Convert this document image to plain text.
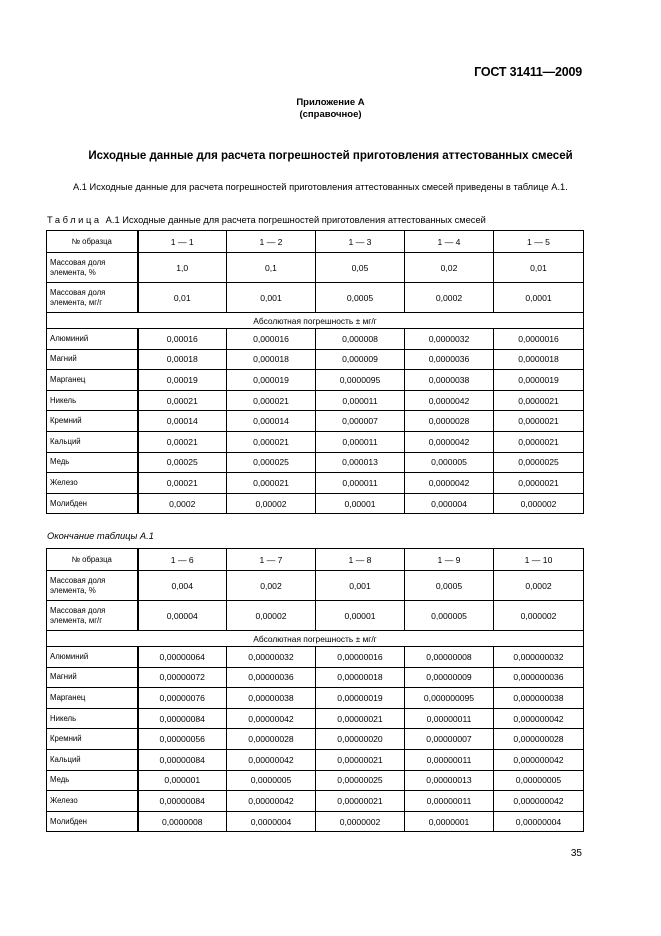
ГОСТ 31411—2009
Приложение А
(справочное)
Исходные данные для расчета погрешностей приготовления аттестованных смесей
А.1 Исходные данные для расчета погрешностей приготовления аттестованных смесей приведены в таблице А.1.
Таблица А.1 Исходные данные для расчета погрешностей приготовления аттестованных смесей
№ образца	1 — 1	1 — 2	1 — 3	1 — 4	1 — 5
Массовая доля элемента, %	1,0	0,1	0,05	0,02	0,01
Массовая доля элемента, мг/г	0,01	0,001	0,0005	0,0002	0,0001
Абсолютная погрешность ± мг/г					
Алюминий	0,00016	0,000016	0,000008	0,0000032	0,0000016
Магний	0,00018	0,000018	0,000009	0,0000036	0,0000018
Марганец	0,00019	0,000019	0,0000095	0,0000038	0,0000019
Никель	0,00021	0,000021	0,000011	0,0000042	0,0000021
Кремний	0,00014	0,000014	0,000007	0,0000028	0,0000021
Кальций	0,00021	0,000021	0,000011	0,0000042	0,0000021
Медь	0,00025	0,000025	0,000013	0,000005	0,0000025
Железо	0,00021	0,000021	0,000011	0,0000042	0,0000021
Молибден	0,0002	0,00002	0,00001	0,000004	0,000002
Окончание таблицы А.1
№ образца	1 — 6	1 — 7	1 — 8	1 — 9	1 — 10
Массовая доля элемента, %	0,004	0,002	0,001	0,0005	0,0002
Массовая доля элемента, мг/г	0,00004	0,00002	0,00001	0,000005	0,000002
Абсолютная погрешность ± мг/г					
Алюминий	0,00000064	0,00000032	0,00000016	0,00000008	0,000000032
Магний	0,00000072	0,00000036	0,00000018	0,00000009	0,000000036
Марганец	0,00000076	0,00000038	0,00000019	0,000000095	0,000000038
Никель	0,00000084	0,00000042	0,00000021	0,00000011	0,000000042
Кремний	0,00000056	0,00000028	0,00000020	0,00000007	0,000000028
Кальций	0,00000084	0,00000042	0,00000021	0,00000011	0,000000042
Медь	0,000001	0,0000005	0,00000025	0,00000013	0,00000005
Железо	0,00000084	0,00000042	0,00000021	0,00000011	0,000000042
Молибден	0,0000008	0,0000004	0,0000002	0,0000001	0,00000004
35
